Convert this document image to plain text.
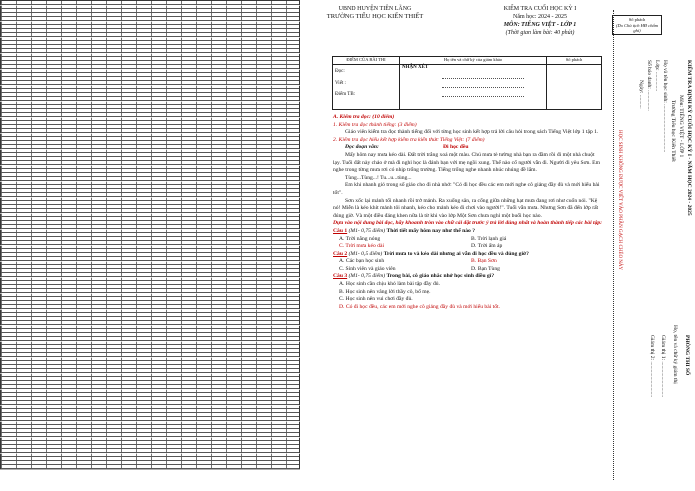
UBND HUYỆN TIÊN LÃNG
TRƯỜNG TIỂU HỌC KIẾN THIẾT
KIỂM TRA CUỐI HỌC KỲ I
Năm học: 2024 - 2025
MÔN: TIẾNG VIỆT - LỚP 1
(Thời gian làm bài: 40 phút)
Số phách
(Do Chủ tịch HĐ chấm ghi)
ĐIỂM CỦA BÀI THI	Họ tên và chữ ký của giám khảo	Số phách

Đọc:
Viết :
Điểm TB:	NHẬN XÉT	

A. Kiểm tra đọc: (10 điểm)

1. Kiểm tra đọc thành tiếng: (3 điểm)

Giáo viên kiểm tra đọc thành tiếng đối với từng học sinh kết hợp trả lời câu hỏi trong sách Tiếng Việt lớp 1 tập 1.

2. Kiểm tra đọc hiểu kết hợp kiểm tra kiến thức Tiếng Việt: (7 điểm)

Đọc đoạn văn:	Đi học đều

Mấy hôm nay mưa kéo dài. Đất trời trắng xoá một màu. Chú mưa tè tường nhà bạn ra đầm rồi đi một nhà chuột lạy. Tuổi đất này chảo ở mà đi nghỉ học là đánh bạn với mẹ ngồi xung. Thế nào cố người vẫn đi. Người đi yêu Sơn. Em nghe trong từng mưa rơi có nhịp trống trường. Tiếng trống nghe nhanh nhúc nhúng đề lắm.

Tùng...Tùng...! Tu...u...tùng...

Em khi nhanh gió trong số giáo cho đi nhà nhớ: "Có đi học đều các em mới nghe cô giảng đầy đủ và mới hiểu bài tốt".

Sơn xốc lại mảnh tối nhanh rồi trở mảnh. Ra xuống sân, ra cổng giữa những hạt mưa đang rơi như cuốn nói. "Kệ nó! Miễn là kéo khít mảnh tôi nhanh, kéo cho mảnh kéo đi chơi vào người!". Tuổi vẫn mưa. Nhưng Sơn đã đến lớp rất đúng giờ. Và một điều đáng khen nữa là từ khi vào lớp Một Sơn chưa nghỉ một buổi học nào.

Dựa vào nội dung bài đọc, hãy khoanh tròn vào chữ cái đặt trước ý trả lời đúng nhất và hoàn thành tiếp các bài tập:

Câu 1 (M1- 0,75 điểm) Thời tiết mấy hôm nay như thế nào ?

A. Trời nắng nóng	B. Trời lạnh giá

C. Trời mưa kéo dài	D. Trời ấm áp

Câu 2 (M1- 0,5 điểm) Trời mưa to và kéo dài nhưng ai vẫn đi học đều và đúng giờ?

A. Các bạn học sinh	B. Bạn Sơn

C. Sinh viên và giáo viên	D. Bạn Tùng

Câu 3 (M1- 0,75 điểm) Trong bài, cô giáo nhắc nhở học sinh điều gì?

A. Học sinh cần chịu khó làm bài tập đầy đủ.

B. Học sinh nên vâng lời thầy cô, bố mẹ.

C. Học sinh nên vui chơi đầy đủ.

D. Có đi học đều, các em mới nghe cô giảng đầy đủ và mới hiểu bài tốt.

HỌC SINH KHÔNG ĐƯỢC VIẾT VÀO PHẦN GẠCH CHÉO NÀY	KIỂM TRA ĐỊNH KỲ CUỐI HỌC KỲ I - NĂM HỌC 2024 - 2025
Môn: TIẾNG VIỆT - LỚP 1
Trường Tiểu học Kiến Thiết
Họ và tên học sinh: ...................................
Lớp: ..............
Số báo danh: ...............
Ngày: ..........
PHÒNG THI SỐ
Họ, tên và chữ ký giám thị
Giám thị 1: ..........................
Giám thị 2: ..........................
